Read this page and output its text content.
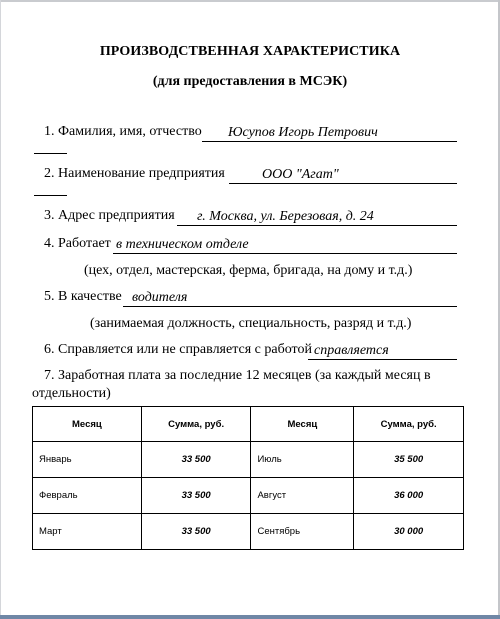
ПРОИЗВОДСТВЕННАЯ ХАРАКТЕРИСТИКА
(для предоставления в МСЭК)
1. Фамилия, имя, отчество Юсупов Игорь Петрович
2. Наименование предприятия	ООО "Агат"
3. Адрес предприятия г. Москва, ул. Березовая, д. 24
4. Работает в техническом отделе
(цех, отдел, мастерская, ферма, бригада, на дому и т.д.)
5. В качестве водителя
(занимаемая должность, специальность, разряд и т.д.)
6. Справляется или не справляется с работой справляется
7. Заработная плата за последние 12 месяцев (за каждый месяц в
отдельности)
Месяц	Сумма, руб.	Месяц	Сумма, руб.
Январь	33 500	Июль	35 500
Февраль	33 500	Август	36 000
Март	33 500	Сентябрь	30 000
